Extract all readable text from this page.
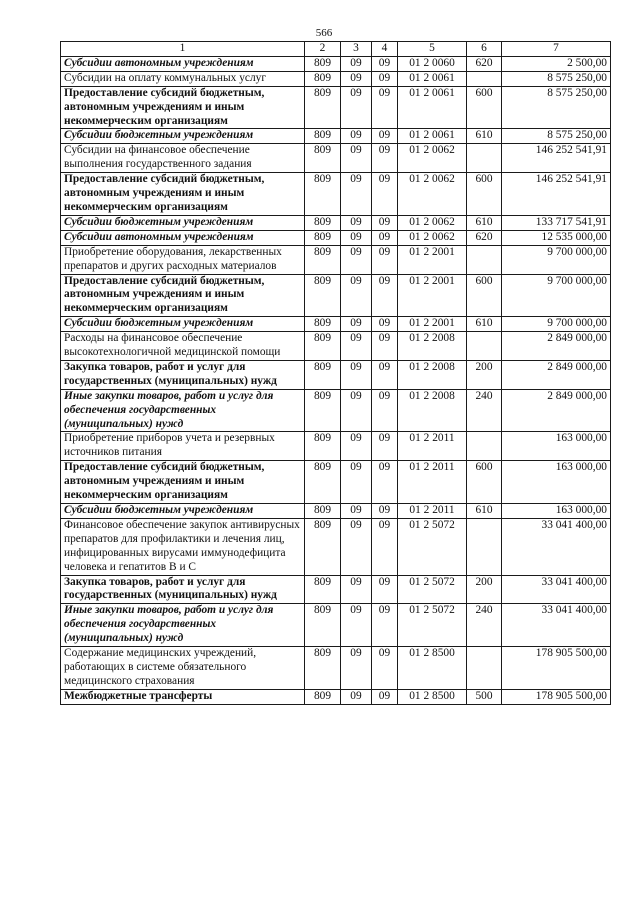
566
1	2	3	4	5	6	7
Субсидии автономным учреждениям	809	09	09	01 2 0060	620	2 500,00
Субсидии на оплату коммунальных услуг	809	09	09	01 2 0061		8 575 250,00
Предоставление субсидий бюджетным, автономным учреждениям и иным некоммерческим организациям	809	09	09	01 2 0061	600	8 575 250,00
Субсидии бюджетным учреждениям	809	09	09	01 2 0061	610	8 575 250,00
Субсидии на финансовое обеспечение выполнения государственного задания	809	09	09	01 2 0062		146 252 541,91
Предоставление субсидий бюджетным, автономным учреждениям и иным некоммерческим организациям	809	09	09	01 2 0062	600	146 252 541,91
Субсидии бюджетным учреждениям	809	09	09	01 2 0062	610	133 717 541,91
Субсидии автономным учреждениям	809	09	09	01 2 0062	620	12 535 000,00
Приобретение оборудования, лекарственных препаратов и других расходных материалов	809	09	09	01 2 2001		9 700 000,00
Предоставление субсидий бюджетным, автономным учреждениям и иным некоммерческим организациям	809	09	09	01 2 2001	600	9 700 000,00
Субсидии бюджетным учреждениям	809	09	09	01 2 2001	610	9 700 000,00
Расходы на финансовое обеспечение высокотехнологичной медицинской помощи	809	09	09	01 2 2008		2 849 000,00
Закупка товаров, работ и услуг для государственных (муниципальных) нужд	809	09	09	01 2 2008	200	2 849 000,00
Иные закупки товаров, работ и услуг для обеспечения государственных (муниципальных) нужд	809	09	09	01 2 2008	240	2 849 000,00
Приобретение приборов учета и резервных источников питания	809	09	09	01 2 2011		163 000,00
Предоставление субсидий бюджетным, автономным учреждениям и иным некоммерческим организациям	809	09	09	01 2 2011	600	163 000,00
Субсидии бюджетным учреждениям	809	09	09	01 2 2011	610	163 000,00
Финансовое обеспечение закупок антивирусных препаратов для профилактики и лечения лиц, инфицированных вирусами иммунодефицита человека и гепатитов В и С	809	09	09	01 2 5072		33 041 400,00
Закупка товаров, работ и услуг для государственных (муниципальных) нужд	809	09	09	01 2 5072	200	33 041 400,00
Иные закупки товаров, работ и услуг для обеспечения государственных (муниципальных) нужд	809	09	09	01 2 5072	240	33 041 400,00
Содержание медицинских учреждений, работающих в системе обязательного медицинского страхования	809	09	09	01 2 8500		178 905 500,00
Межбюджетные трансферты	809	09	09	01 2 8500	500	178 905 500,00
